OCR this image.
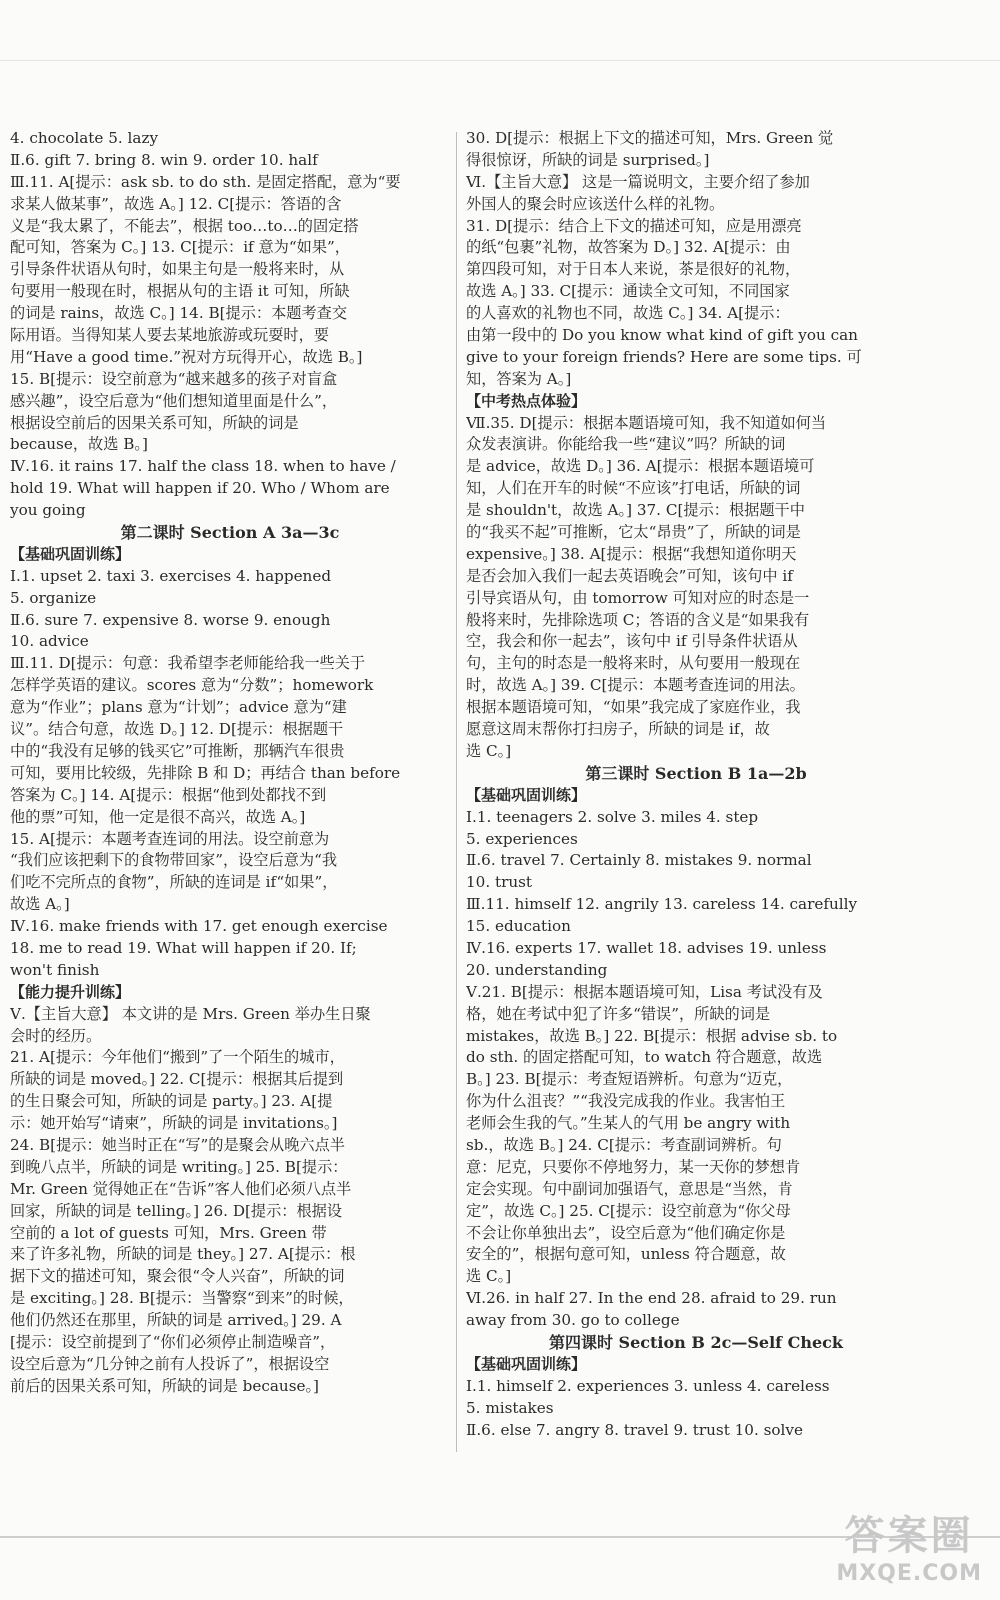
4. chocolate 5. lazy
Ⅱ.6. gift 7. bring 8. win 9. order 10. half
Ⅲ.11. A[提示：ask sb. to do sth. 是固定搭配，意为“要
求某人做某事”，故选 A。] 12. C[提示：答语的含
义是“我太累了，不能去”，根据 too…to…的固定搭
配可知，答案为 C。] 13. C[提示：if 意为“如果”，
引导条件状语从句时，如果主句是一般将来时，从
句要用一般现在时，根据从句的主语 it 可知，所缺
的词是 rains，故选 C。] 14. B[提示：本题考查交
际用语。当得知某人要去某地旅游或玩耍时，要
用“Have a good time.”祝对方玩得开心，故选 B。]
15. B[提示：设空前意为“越来越多的孩子对盲盒
感兴趣”，设空后意为“他们想知道里面是什么”，
根据设空前后的因果关系可知，所缺的词是
because，故选 B。]
Ⅳ.16. it rains 17. half the class 18. when to have /
hold 19. What will happen if 20. Who / Whom are
you going
第二课时 Section A 3a—3c
【基础巩固训练】
Ⅰ.1. upset 2. taxi 3. exercises 4. happened
5. organize
Ⅱ.6. sure 7. expensive 8. worse 9. enough
10. advice
Ⅲ.11. D[提示：句意：我希望李老师能给我一些关于
怎样学英语的建议。scores 意为“分数”；homework
意为“作业”；plans 意为“计划”；advice 意为“建
议”。结合句意，故选 D。] 12. D[提示：根据题干
中的“我没有足够的钱买它”可推断，那辆汽车很贵
可知，要用比较级，先排除 B 和 D；再结合 than before
答案为 C。] 14. A[提示：根据“他到处都找不到
他的票”可知，他一定是很不高兴，故选 A。]
15. A[提示：本题考查连词的用法。设空前意为
“我们应该把剩下的食物带回家”，设空后意为“我
们吃不完所点的食物”，所缺的连词是 if“如果”，
故选 A。]
Ⅳ.16. make friends with 17. get enough exercise
18. me to read 19. What will happen if 20. If;
won't finish
【能力提升训练】
Ⅴ.【主旨大意】 本文讲的是 Mrs. Green 举办生日聚
会时的经历。
21. A[提示：今年他们“搬到”了一个陌生的城市，
所缺的词是 moved。] 22. C[提示：根据其后提到
的生日聚会可知，所缺的词是 party。] 23. A[提
示：她开始写“请柬”，所缺的词是 invitations。]
24. B[提示：她当时正在“写”的是聚会从晚六点半
到晚八点半，所缺的词是 writing。] 25. B[提示：
Mr. Green 觉得她正在“告诉”客人他们必须八点半
回家，所缺的词是 telling。] 26. D[提示：根据设
空前的 a lot of guests 可知，Mrs. Green 带
来了许多礼物，所缺的词是 they。] 27. A[提示：根
据下文的描述可知，聚会很“令人兴奋”，所缺的词
是 exciting。] 28. B[提示：当警察“到来”的时候，
他们仍然还在那里，所缺的词是 arrived。] 29. A
[提示：设空前提到了“你们必须停止制造噪音”，
设空后意为“几分钟之前有人投诉了”，根据设空
前后的因果关系可知，所缺的词是 because。]
30. D[提示：根据上下文的描述可知，Mrs. Green 觉
得很惊讶，所缺的词是 surprised。]
Ⅵ.【主旨大意】 这是一篇说明文，主要介绍了参加
外国人的聚会时应该送什么样的礼物。
31. D[提示：结合上下文的描述可知，应是用漂亮
的纸“包裹”礼物，故答案为 D。] 32. A[提示：由
第四段可知，对于日本人来说，茶是很好的礼物，
故选 A。] 33. C[提示：通读全文可知，不同国家
的人喜欢的礼物也不同，故选 C。] 34. A[提示：
由第一段中的 Do you know what kind of gift you can
give to your foreign friends? Here are some tips. 可
知，答案为 A。]
【中考热点体验】
Ⅶ.35. D[提示：根据本题语境可知，我不知道如何当
众发表演讲。你能给我一些“建议”吗？所缺的词
是 advice，故选 D。] 36. A[提示：根据本题语境可
知，人们在开车的时候“不应该”打电话，所缺的词
是 shouldn't，故选 A。] 37. C[提示：根据题干中
的“我买不起”可推断，它太“昂贵”了，所缺的词是
expensive。] 38. A[提示：根据“我想知道你明天
是否会加入我们一起去英语晚会”可知，该句中 if
引导宾语从句，由 tomorrow 可知对应的时态是一
般将来时，先排除选项 C；答语的含义是“如果我有
空，我会和你一起去”，该句中 if 引导条件状语从
句，主句的时态是一般将来时，从句要用一般现在
时，故选 A。] 39. C[提示：本题考查连词的用法。
根据本题语境可知，“如果”我完成了家庭作业，我
愿意这周末帮你打扫房子，所缺的词是 if，故
选 C。]
第三课时 Section B 1a—2b
【基础巩固训练】
Ⅰ.1. teenagers 2. solve 3. miles 4. step
5. experiences
Ⅱ.6. travel 7. Certainly 8. mistakes 9. normal
10. trust
Ⅲ.11. himself 12. angrily 13. careless 14. carefully
15. education
Ⅳ.16. experts 17. wallet 18. advises 19. unless
20. understanding
Ⅴ.21. B[提示：根据本题语境可知，Lisa 考试没有及
格，她在考试中犯了许多“错误”，所缺的词是
mistakes，故选 B。] 22. B[提示：根据 advise sb. to
do sth. 的固定搭配可知，to watch 符合题意，故选
B。] 23. B[提示：考查短语辨析。句意为“迈克，
你为什么沮丧？”“我没完成我的作业。我害怕王
老师会生我的气。”生某人的气用 be angry with
sb.，故选 B。] 24. C[提示：考查副词辨析。句
意：尼克，只要你不停地努力，某一天你的梦想肯
定会实现。句中副词加强语气，意思是“当然，肯
定”，故选 C。] 25. C[提示：设空前意为“你父母
不会让你单独出去”，设空后意为“他们确定你是
安全的”，根据句意可知，unless 符合题意，故
选 C。]
Ⅵ.26. in half 27. In the end 28. afraid to 29. run
away from 30. go to college
第四课时 Section B 2c—Self Check
【基础巩固训练】
Ⅰ.1. himself 2. experiences 3. unless 4. careless
5. mistakes
Ⅱ.6. else 7. angry 8. travel 9. trust 10. solve
答案圈
MXQE.COM
